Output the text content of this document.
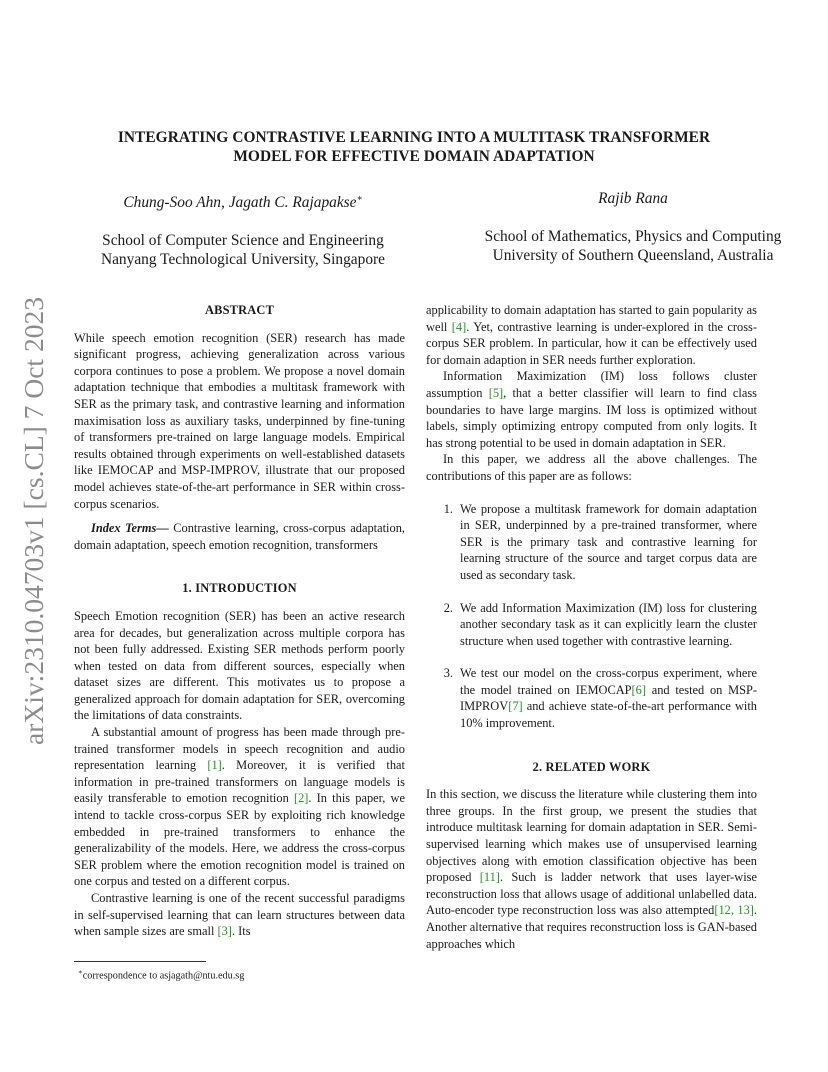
arXiv:2310.04703v1 [cs.CL] 7 Oct 2023
INTEGRATING CONTRASTIVE LEARNING INTO A MULTITASK TRANSFORMER
MODEL FOR EFFECTIVE DOMAIN ADAPTATION
Chung-Soo Ahn, Jagath C. Rajapakse∗
School of Computer Science and Engineering
Nanyang Technological University, Singapore
Rajib Rana
School of Mathematics, Physics and Computing
University of Southern Queensland, Australia
ABSTRACT

While speech emotion recognition (SER) research has made significant progress, achieving generalization across various corpora continues to pose a problem. We propose a novel domain adaptation technique that embodies a multitask framework with SER as the primary task, and contrastive learning and information maximisation loss as auxiliary tasks, underpinned by fine-tuning of transformers pre-trained on large language models. Empirical results obtained through experiments on well-established datasets like IEMOCAP and MSP-IMPROV, illustrate that our proposed model achieves state-of-the-art performance in SER within cross-corpus scenarios.

Index Terms— Contrastive learning, cross-corpus adaptation, domain adaptation, speech emotion recognition, transformers

1. INTRODUCTION

Speech Emotion recognition (SER) has been an active research area for decades, but generalization across multiple corpora has not been fully addressed. Existing SER methods perform poorly when tested on data from different sources, especially when dataset sizes are different. This motivates us to propose a generalized approach for domain adaptation for SER, overcoming the limitations of data constraints.

A substantial amount of progress has been made through pre-trained transformer models in speech recognition and audio representation learning [1]. Moreover, it is verified that information in pre-trained transformers on language models is easily transferable to emotion recognition [2]. In this paper, we intend to tackle cross-corpus SER by exploiting rich knowledge embedded in pre-trained transformers to enhance the generalizability of the models. Here, we address the cross-corpus SER problem where the emotion recognition model is trained on one corpus and tested on a different corpus.

Contrastive learning is one of the recent successful paradigms in self-supervised learning that can learn structures between data when sample sizes are small [3]. Its

applicability to domain adaptation has started to gain popularity as well [4]. Yet, contrastive learning is under-explored in the cross-corpus SER problem. In particular, how it can be effectively used for domain adaption in SER needs further exploration.

Information Maximization (IM) loss follows cluster assumption [5], that a better classifier will learn to find class boundaries to have large margins. IM loss is optimized without labels, simply optimizing entropy computed from only logits. It has strong potential to be used in domain adaptation in SER.

In this paper, we address all the above challenges. The contributions of this paper are as follows:

1. We propose a multitask framework for domain adaptation in SER, underpinned by a pre-trained transformer, where SER is the primary task and contrastive learning for learning structure of the source and target corpus data are used as secondary task.
2. We add Information Maximization (IM) loss for clustering another secondary task as it can explicitly learn the cluster structure when used together with contrastive learning.
3. We test our model on the cross-corpus experiment, where the model trained on IEMOCAP[6] and tested on MSP-IMPROV[7] and achieve state-of-the-art performance with 10% improvement.
2. RELATED WORK

In this section, we discuss the literature while clustering them into three groups. In the first group, we present the studies that introduce multitask learning for domain adaptation in SER. Semi-supervised learning which makes use of unsupervised learning objectives along with emotion classification objective has been proposed [11]. Such is ladder network that uses layer-wise reconstruction loss that allows usage of additional unlabelled data. Auto-encoder type reconstruction loss was also attempted[12, 13]. Another alternative that requires reconstruction loss is GAN-based approaches which

∗correspondence to asjagath@ntu.edu.sg
